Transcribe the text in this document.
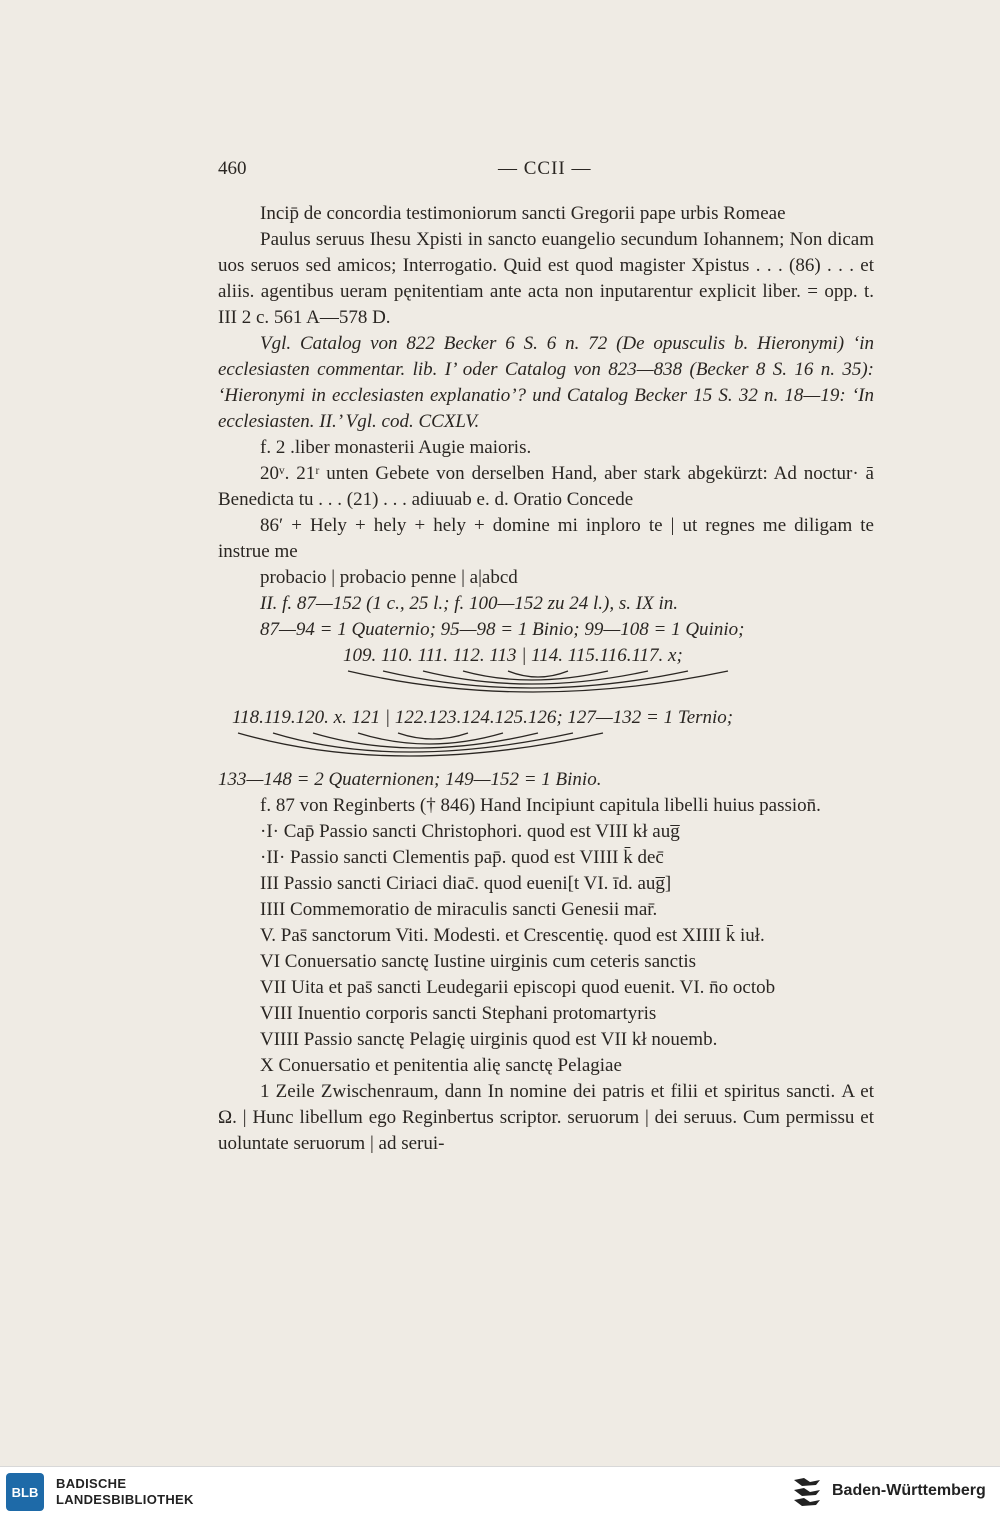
460	— CCII —

Incip̄ de concordia testimoniorum sancti Gregorii pape urbis Romeae

Paulus seruus Ihesu Xpisti in sancto euangelio secundum Iohannem; Non dicam uos seruos sed amicos; Interrogatio. Quid est quod magister Xpistus . . . (86) . . . et aliis. agentibus ueram pęnitentiam ante acta non inputarentur explicit liber. = opp. t. III 2 c. 561 A—578 D.

Vgl. Catalog von 822 Becker 6 S. 6 n. 72 (De opusculis b. Hieronymi) ‘in ecclesiasten commentar. lib. I’ oder Catalog von 823—838 (Becker 8 S. 16 n. 35): ‘Hieronymi in ecclesiasten explanatio’? und Catalog Becker 15 S. 32 n. 18—19: ‘In ecclesiasten. II.’ Vgl. cod. CCXLV.

f. 2 .liber monasterii Augie maioris.

20ᵛ. 21ʳ unten Gebete von derselben Hand, aber stark abgekürzt: Ad noctur· ā Benedicta tu . . . (21) . . . adiuuab e. d. Oratio Concede

86′ + Hely + hely + hely + domine mi inploro te | ut regnes me diligam te instrue me

probacio | probacio penne | a|abcd

II. f. 87—152 (1 c., 25 l.; f. 100—152 zu 24 l.), s. IX in.

87—94 = 1 Quaternio; 95—98 = 1 Binio; 99—108 = 1 Quinio;

109. 110. 111. 112. 113 | 114. 115.116.117. x;

118.119.120. x. 121 | 122.123.124.125.126; 127—132 = 1 Ternio;

133—148 = 2 Quaternionen; 149—152 = 1 Binio.

f. 87 von Reginberts († 846) Hand Incipiunt capitula libelli huius passion̄.

·I· Cap̄ Passio sancti Christophori. quod est VIII kł aug̅

·II· Passio sancti Clementis pap̄. quod est VIIII k̄ dec̄

III Passio sancti Ciriaci diac̄. quod eueni[t VI. īd. aug̅]

IIII Commemoratio de miraculis sancti Genesii mar̄.

V. Pas̄ sanctorum Viti. Modesti. et Crescentię. quod est XIIII k̄ iuł.

VI Conuersatio sanctę Iustine uirginis cum ceteris sanctis

VII Uita et pas̄ sancti Leudegarii episcopi quod euenit. VI. n̄o octob

VIII Inuentio corporis sancti Stephani protomartyris

VIIII Passio sanctę Pelagię uirginis quod est VII kł nouemb.

X Conuersatio et penitentia alię sanctę Pelagiae

1 Zeile Zwischenraum, dann In nomine dei patris et filii et spiritus sancti. Α et Ω. | Hunc libellum ego Reginbertus scriptor. seruorum | dei seruus. Cum permissu et uoluntate seruorum | ad serui-

BLB
BADISCHE
LANDESBIBLIOTHEK
Baden-Württemberg
